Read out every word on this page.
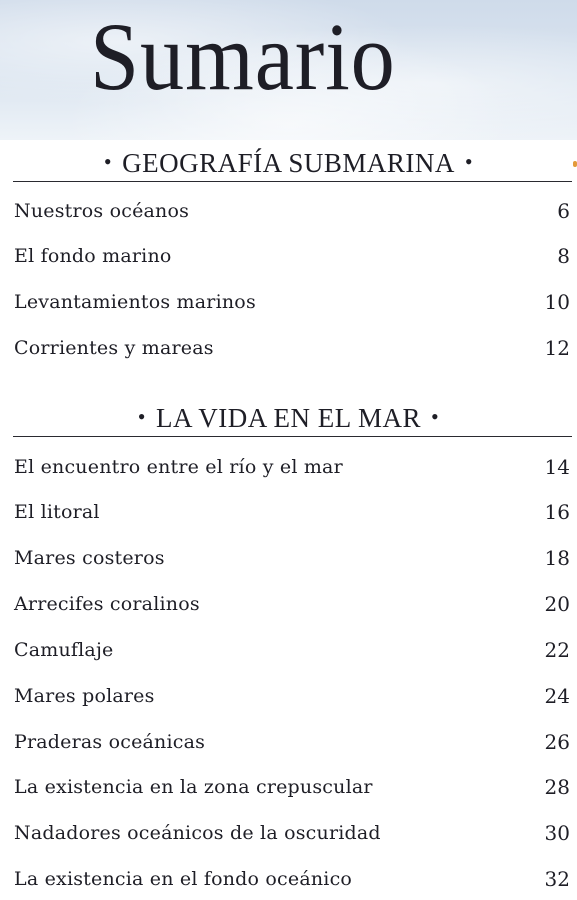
Sumario
• GEOGRAFÍA SUBMARINA •
Nuestros océanos	6
El fondo marino	8
Levantamientos marinos	10
Corrientes y mareas	12
• LA VIDA EN EL MAR •
El encuentro entre el río y el mar	14
El litoral	16
Mares costeros	18
Arrecifes coralinos	20
Camuflaje	22
Mares polares	24
Praderas oceánicas	26
La existencia en la zona crepuscular	28
Nadadores oceánicos de la oscuridad	30
La existencia en el fondo oceánico	32
